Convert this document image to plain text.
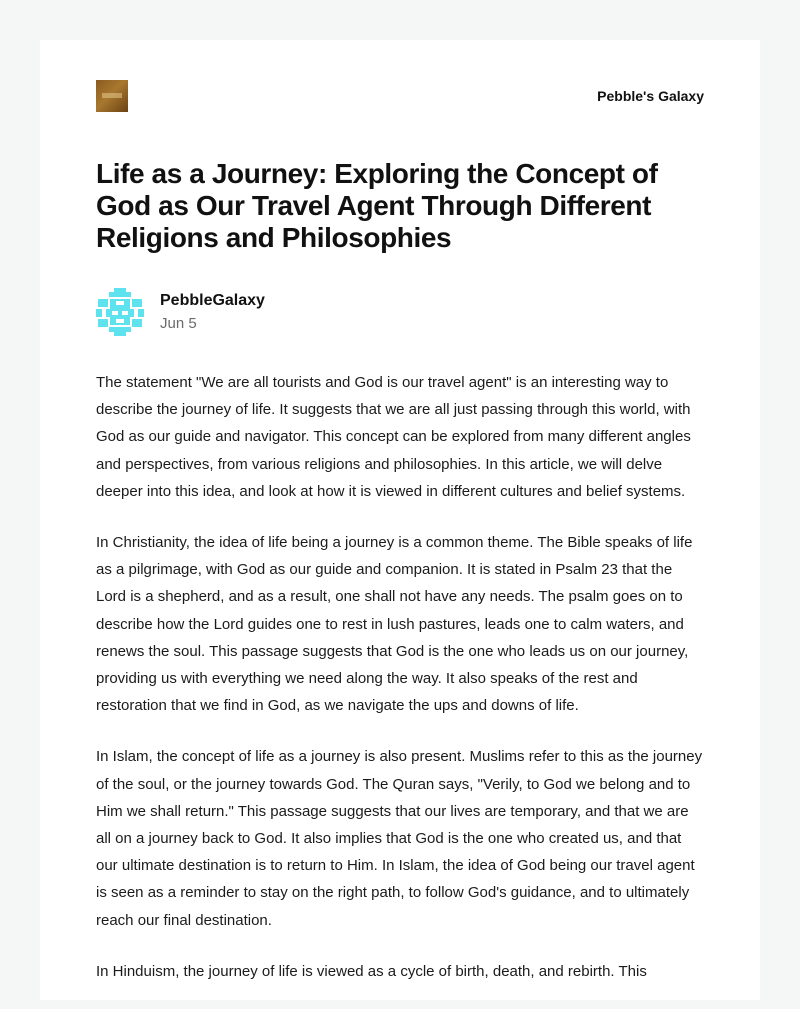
Pebble's Galaxy
Life as a Journey: Exploring the Concept of God as Our Travel Agent Through Different Religions and Philosophies
PebbleGalaxy
Jun 5

The statement "We are all tourists and God is our travel agent" is an interesting way to describe the journey of life. It suggests that we are all just passing through this world, with God as our guide and navigator. This concept can be explored from many different angles and perspectives, from various religions and philosophies. In this article, we will delve deeper into this idea, and look at how it is viewed in different cultures and belief systems.

In Christianity, the idea of life being a journey is a common theme. The Bible speaks of life as a pilgrimage, with God as our guide and companion. It is stated in Psalm 23 that the Lord is a shepherd, and as a result, one shall not have any needs. The psalm goes on to describe how the Lord guides one to rest in lush pastures, leads one to calm waters, and renews the soul. This passage suggests that God is the one who leads us on our journey, providing us with everything we need along the way. It also speaks of the rest and restoration that we find in God, as we navigate the ups and downs of life.

In Islam, the concept of life as a journey is also present. Muslims refer to this as the journey of the soul, or the journey towards God. The Quran says, "Verily, to God we belong and to Him we shall return." This passage suggests that our lives are temporary, and that we are all on a journey back to God. It also implies that God is the one who created us, and that our ultimate destination is to return to Him. In Islam, the idea of God being our travel agent is seen as a reminder to stay on the right path, to follow God's guidance, and to ultimately reach our final destination.

In Hinduism, the journey of life is viewed as a cycle of birth, death, and rebirth. This
